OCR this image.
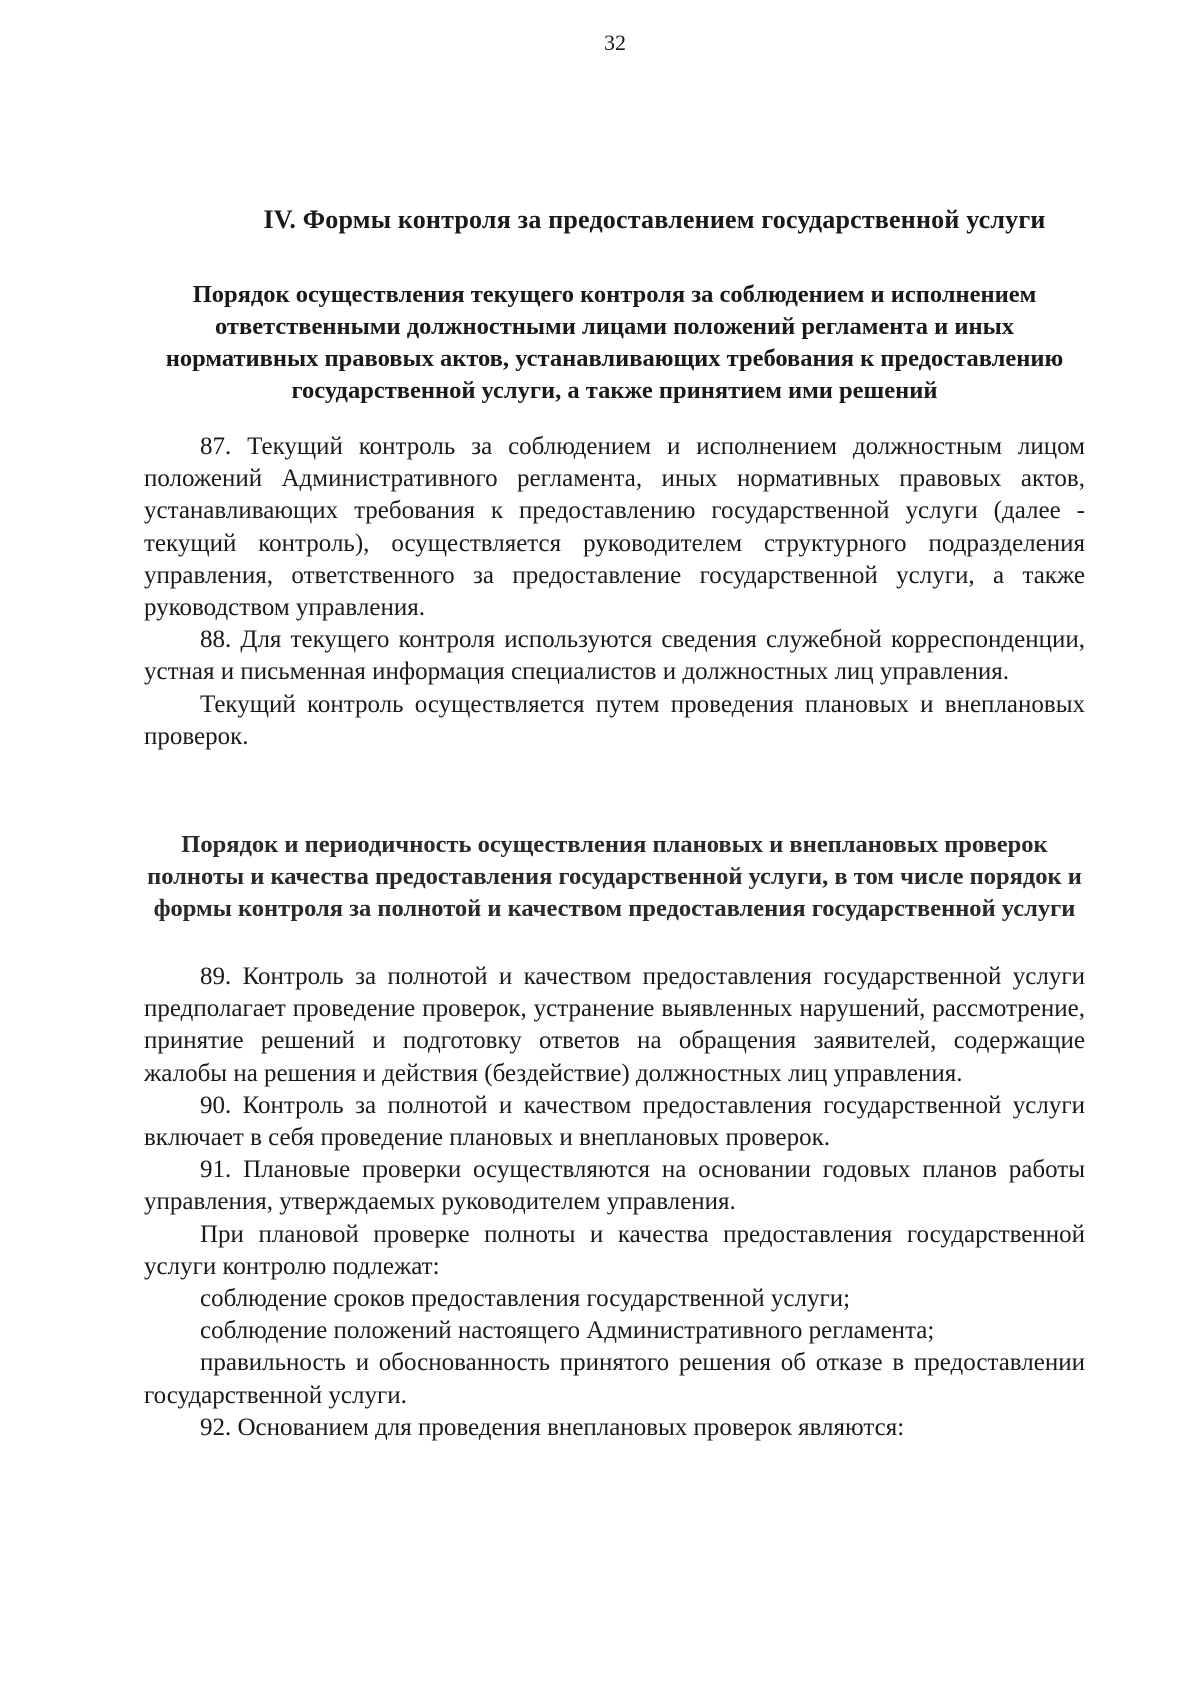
32
IV. Формы контроля за предоставлением государственной услуги
Порядок осуществления текущего контроля за соблюдением и исполнением ответственными должностными лицами положений регламента и иных нормативных правовых актов, устанавливающих требования к предоставлению государственной услуги, а также принятием ими решений

87. Текущий контроль за соблюдением и исполнением должностным лицом положений Административного регламента, иных нормативных правовых актов, устанавливающих требования к предоставлению государственной услуги (далее - текущий контроль), осуществляется руководителем структурного подразделения управления, ответственного за предоставление государственной услуги, а также руководством управления.

88. Для текущего контроля используются сведения служебной корреспонденции, устная и письменная информация специалистов и должностных лиц управления.

Текущий контроль осуществляется путем проведения плановых и внеплановых проверок.

Порядок и периодичность осуществления плановых и внеплановых проверок полноты и качества предоставления государственной услуги, в том числе порядок и формы контроля за полнотой и качеством предоставления государственной услуги

89. Контроль за полнотой и качеством предоставления государственной услуги предполагает проведение проверок, устранение выявленных нарушений, рассмотрение, принятие решений и подготовку ответов на обращения заявителей, содержащие жалобы на решения и действия (бездействие) должностных лиц управления.

90. Контроль за полнотой и качеством предоставления государственной услуги включает в себя проведение плановых и внеплановых проверок.

91. Плановые проверки осуществляются на основании годовых планов работы управления, утверждаемых руководителем управления.

При плановой проверке полноты и качества предоставления государственной услуги контролю подлежат:

соблюдение сроков предоставления государственной услуги;

соблюдение положений настоящего Административного регламента;

правильность и обоснованность принятого решения об отказе в предоставлении государственной услуги.

92. Основанием для проведения внеплановых проверок являются:
